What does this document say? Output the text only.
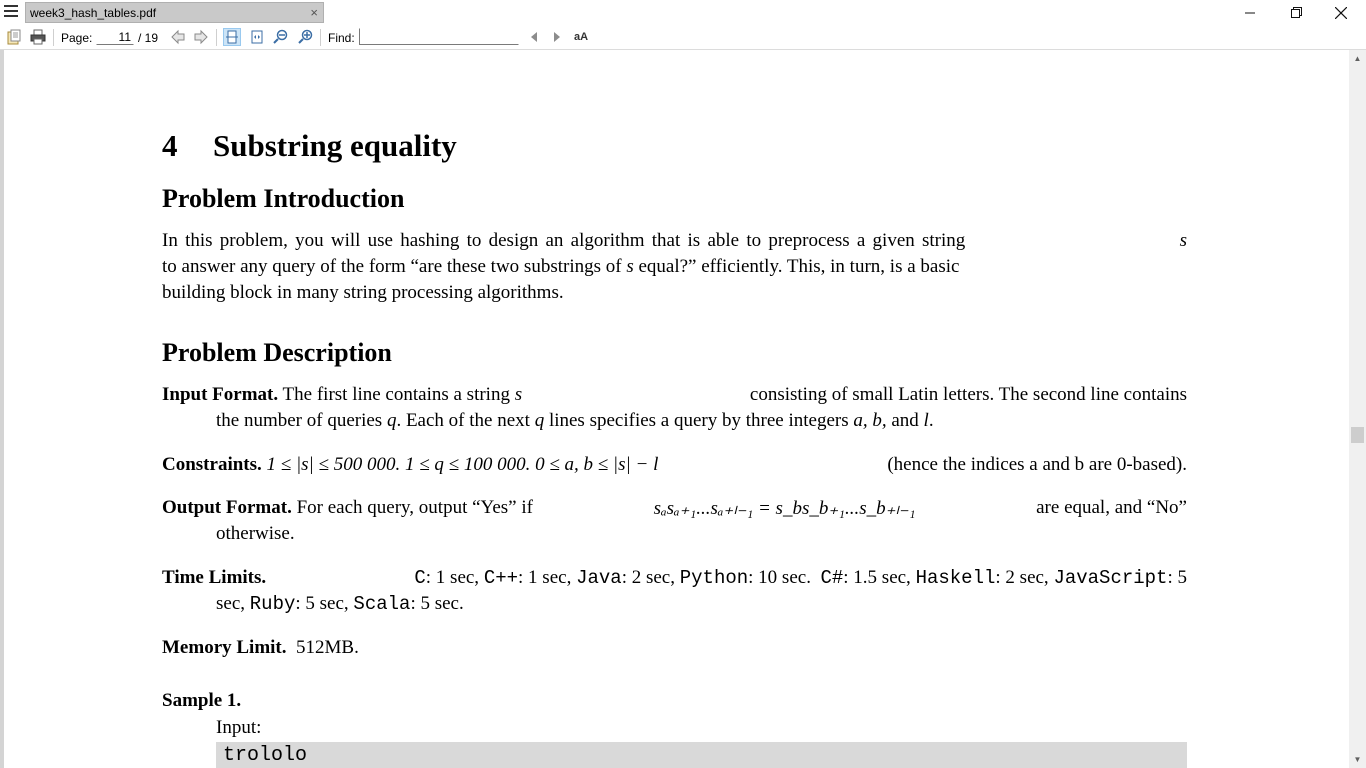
week3_hash_tables.pdf	×
Page:
11	/ 19	Find:	aA
4 Substring equality
Problem Introduction
In this problem, you will use hashing to design an algorithm that is able to preprocess a given string	s
to answer any query of the form “are these two substrings of s equal?” efficiently. This, in turn, is a basic
building block in many string processing algorithms.
Problem Description
Input Format. The first line contains a string s	consisting of small Latin letters. The second line contains
the number of queries q. Each of the next q lines specifies a query by three integers a, b, and l.
Constraints. 1 ≤ |s| ≤ 500 000. 1 ≤ q ≤ 100 000. 0 ≤ a, b ≤ |s| − l	(hence the indices a and b are 0-based).
Output Format. For each query, output “Yes” if	sₐsₐ₊₁...sₐ₊ₗ₋₁ = s_bs_b₊₁...s_b₊ₗ₋₁	are equal, and “No”
otherwise.
Time Limits.	C: 1 sec, C++: 1 sec, Java: 2 sec, Python: 10 sec.  C#: 1.5 sec, Haskell: 2 sec, JavaScript: 5
sec, Ruby: 5 sec, Scala: 5 sec.
Memory Limit. 512MB.
Sample 1.
Input:
trololo
▲
▼
